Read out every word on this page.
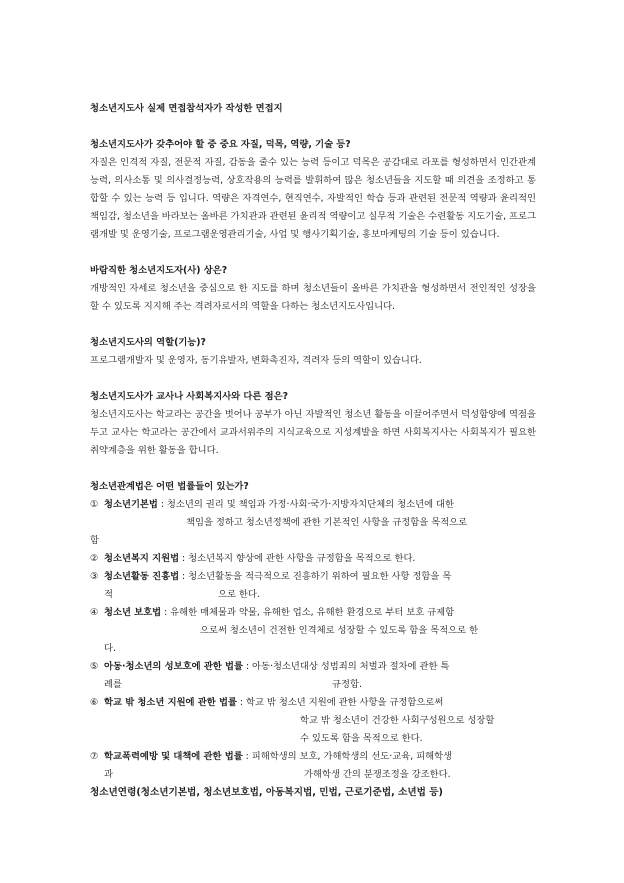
청소년지도사 실제 면접참석자가 작성한 면접지
청소년지도사가 갖추어야 할 중 중요 자질, 덕목, 역량, 기술 등?
자질은 인격적 자질, 전문적 자질, 감동을 줄수 있는 능력 등이고 덕목은 공감대로 라포를 형성하면서 인간관계능력, 의사소통 및 의사결정능력, 상호작용의 능력를 발휘하여 많은 청소년들을 지도할 때 의견을 조정하고 통합할 수 있는 능력 등 입니다. 역량은 자격연수, 현직연수, 자발적인 학습 등과 관련된 전문적 역량과 윤리적인 책임감, 청소년을 바라보는 올바른 가치관과 관련된 윤리적 역량이고 실무적 기술은 수련활동 지도기술, 프로그램개발 및 운영기술, 프로그램운영관리기술, 사업 및 행사기획기술, 홍보마케팅의 기술 등이 있습니다.
바람직한 청소년지도자(사) 상은?
개방적인 자세로 청소년을 중심으로 한 지도를 하며 청소년들이 올바른 가치관을 형성하면서 전인적인 성장을 할 수 있도록 지지해 주는 격려자로서의 역할을 다하는 청소년지도사입니다.
청소년지도사의 역할(기능)?
프로그램개발자 및 운영자, 동기유발자, 변화촉진자, 격려자 등의 역할이 있습니다.
청소년지도사가 교사나 사회복지사와 다른 점은?
청소년지도사는 학교라는 공간을 벗어나 공부가 아닌 자발적인 청소년 활동을 이끌어주면서 덕성함양에 역점을 두고 교사는 학교라는 공간에서 교과서위주의 지식교육으로 지성계발을 하면 사회복지사는 사회복지가 필요한 취약계층을 위한 활동을 합니다.
청소년관계법은 어떤 법률들이 있는가?
① 청소년기본법 : 청소년의 권리 및 책임과 가정·사회·국가·지방자치단체의 청소년에 대한
책임을 정하고 청소년정책에 관한 기본적인 사항을 규정함을 목적으로
함
② 청소년복지 지원법 : 청소년복지 향상에 관한 사항을 규정함을 목적으로 한다.
③ 청소년활동 진흥법 : 청소년활동을 적극적으로 진흥하기 위하여 필요한 사항 정함을 목
적	으로 한다.
④ 청소년 보호법 : 유해한 매체물과 약물, 유해한 업소, 유해한 환경으로 부터 보호 규제함
으로써 청소년이 건전한 인격체로 성장할 수 있도록 함을 목적으로 한
다.
⑤ 아동·청소년의 성보호에 관한 법률 : 아동·청소년대상 성범죄의 처벌과 절차에 관한 특
례를	규정함.
⑥ 학교 밖 청소년 지원에 관한 법률 : 학교 밖 청소년 지원에 관한 사항을 규정함으로써
학교 밖 청소년이 건강한 사회구성원으로 성장할
수 있도록 함을 목적으로 한다.
⑦ 학교폭력예방 및 대책에 관한 법률 : 피해학생의 보호, 가해학생의 선도·교육, 피해학생
과	가해학생 간의 분쟁조정을 강조한다.
청소년연령(청소년기본법, 청소년보호법, 아동복지법, 민법, 근로기준법, 소년법 등)
